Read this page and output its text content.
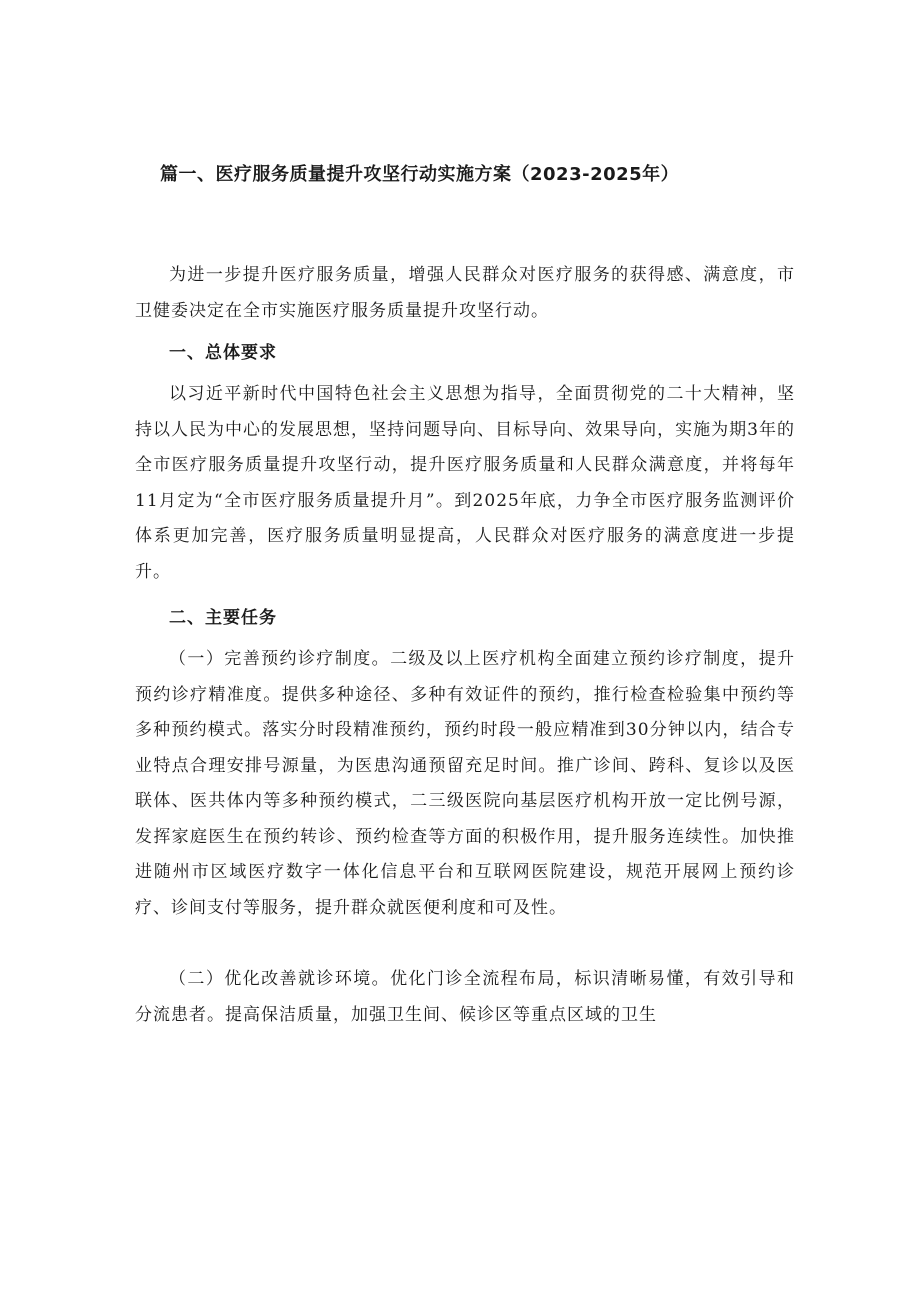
篇一、医疗服务质量提升攻坚行动实施方案（2023-2025年）

为进一步提升医疗服务质量，增强人民群众对医疗服务的获得感、满意度，市卫健委决定在全市实施医疗服务质量提升攻坚行动。

一、总体要求

以习近平新时代中国特色社会主义思想为指导，全面贯彻党的二十大精神，坚持以人民为中心的发展思想，坚持问题导向、目标导向、效果导向，实施为期3年的全市医疗服务质量提升攻坚行动，提升医疗服务质量和人民群众满意度，并将每年11月定为“全市医疗服务质量提升月”。到2025年底，力争全市医疗服务监测评价体系更加完善，医疗服务质量明显提高，人民群众对医疗服务的满意度进一步提升。

二、主要任务

（一）完善预约诊疗制度。二级及以上医疗机构全面建立预约诊疗制度，提升预约诊疗精准度。提供多种途径、多种有效证件的预约，推行检查检验集中预约等多种预约模式。落实分时段精准预约，预约时段一般应精准到30分钟以内，结合专业特点合理安排号源量，为医患沟通预留充足时间。推广诊间、跨科、复诊以及医联体、医共体内等多种预约模式，二三级医院向基层医疗机构开放一定比例号源，发挥家庭医生在预约转诊、预约检查等方面的积极作用，提升服务连续性。加快推进随州市区域医疗数字一体化信息平台和互联网医院建设，规范开展网上预约诊疗、诊间支付等服务，提升群众就医便利度和可及性。

（二）优化改善就诊环境。优化门诊全流程布局，标识清晰易懂，有效引导和分流患者。提高保洁质量，加强卫生间、候诊区等重点区域的卫生
